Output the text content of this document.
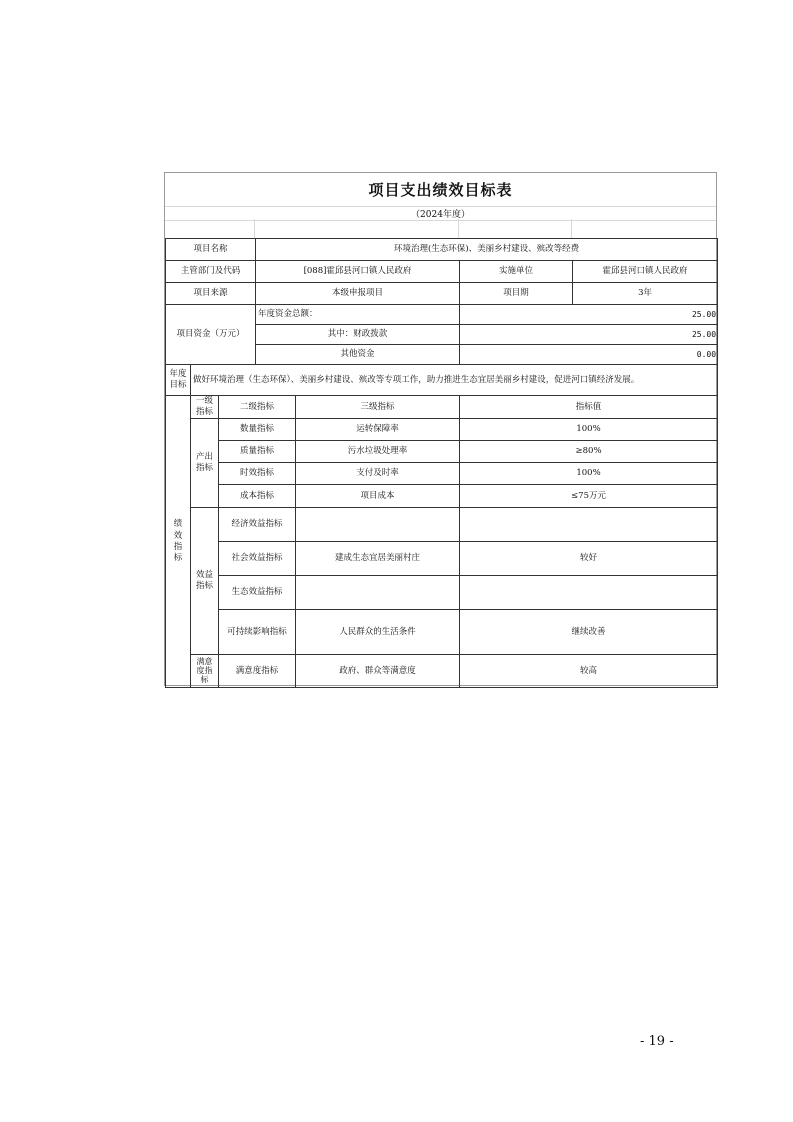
项目支出绩效目标表
（2024年度）
项目名称			环境治理(生态环保)、美丽乡村建设、殡改等经费			
主管部门及代码			[088]霍邱县河口镇人民政府		实施单位	霍邱县河口镇人民政府
项目来源			本级申报项目		项目期	3年
项目资金（万元）			年度资金总额：		25.00	
			其中：财政拨款		25.00	
			其他资金		0.00	
年度目标	做好环境治理（生态环保）、美丽乡村建设、殡改等专项工作，助力推进生态宜居美丽乡村建设，促进河口镇经济发展。					
绩效指标	一级指标	二级指标		三级指标	指标值	
	产出指标	数量指标		运转保障率	100%	
		质量指标		污水垃圾处理率	≥80%	
		时效指标		支付及时率	100%	
		成本指标		项目成本	≤75万元	
	效益指标	经济效益指标				
		社会效益指标		建成生态宜居美丽村庄	较好	
		生态效益指标				
		可持续影响指标		人民群众的生活条件	继续改善	
	满意度指标	满意度指标		政府、群众等满意度	较高	
- 19 -
